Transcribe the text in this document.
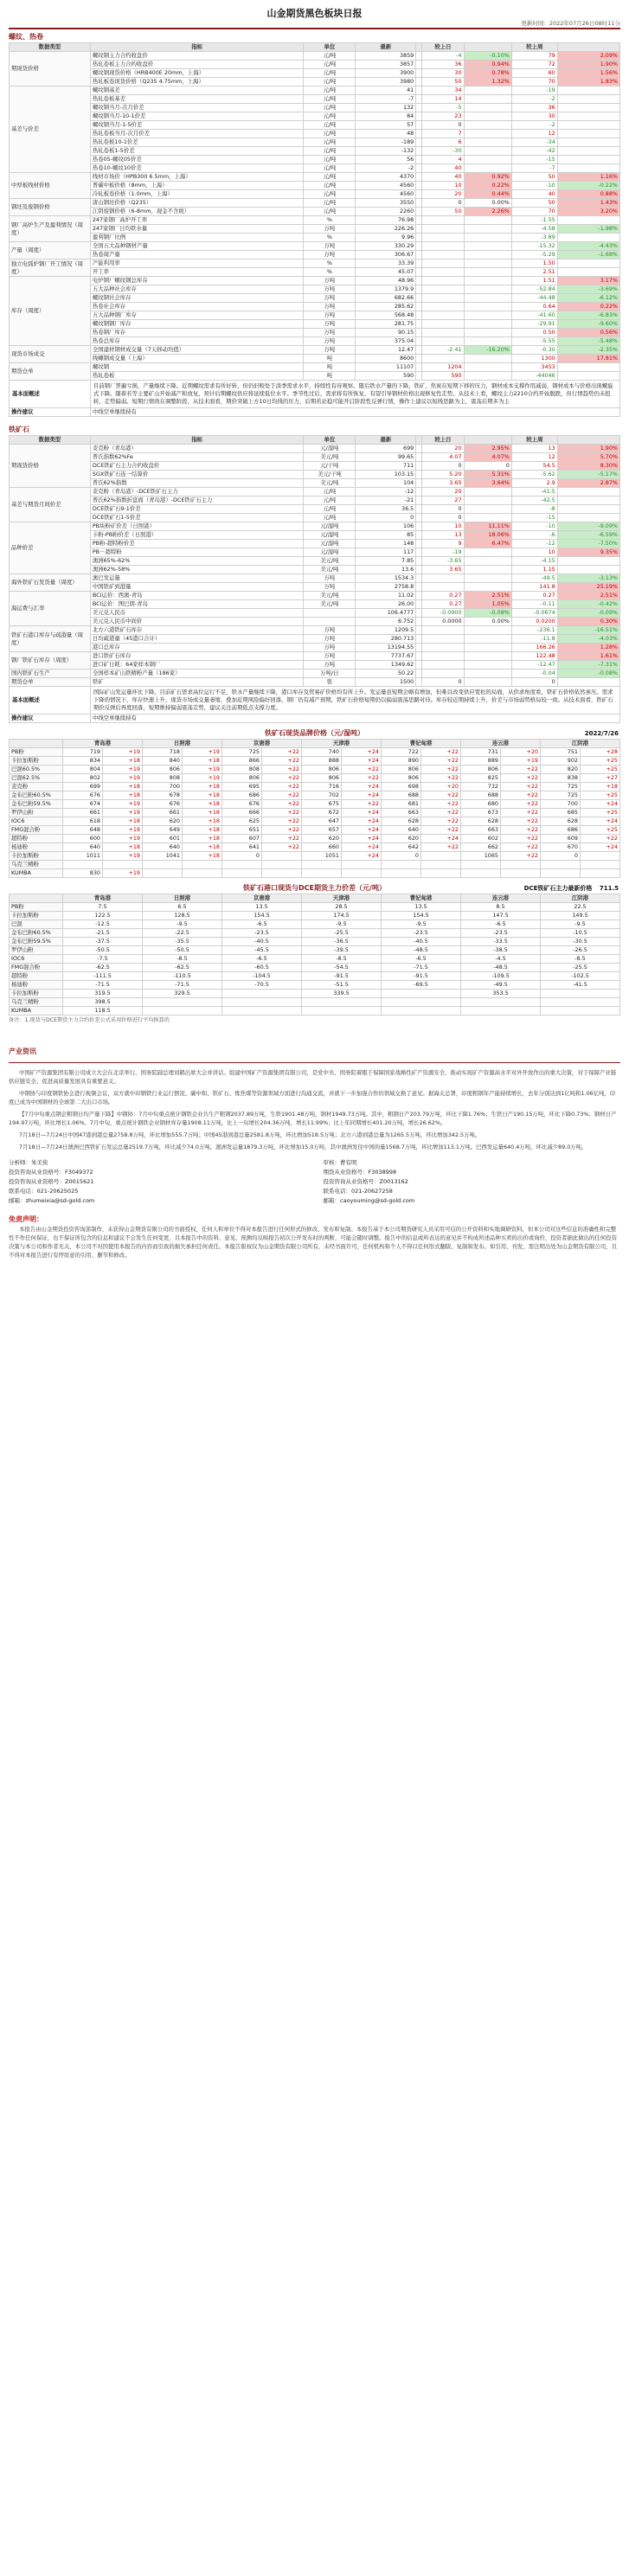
山金期货黑色板块日报
更新时间：2022年07月26日08时11分
螺纹、热卷
数据类型	指标	单位	最新		较上日		较上周	
期现货价格	螺纹钢主力合约收盘价	元/吨	3859		-4	-0.10%	79	2.09%
	热轧卷板主力合约收盘价	元/吨	3857		36	0.94%	72	1.90%
	螺纹钢现货价格（HRB400E 20mm，上海）	元/吨	3900		30	0.78%	60	1.56%
	热轧板卷现货价格（Q235 4.75mm，上海）	元/吨	3980		50	1.32%	70	1.83%
基差与价差	螺纹钢基差	元/吨	41		34		-19	
	热轧卷板基差	元/吨	-7		14		-2	
	螺纹钢当月-次月价差	元/吨	132		-5		36	
	螺纹钢当月-10-1价差	元/吨	84		23		30	
	螺纹钢当月-1-5价差	元/吨	57		0		-2	
	热轧卷板当月-次月价差	元/吨	48		7		12	
	热轧卷板10-1价差	元/吨	-189		6		-34	
	热轧卷板1-5价差	元/吨	-132		-30		-42	
	热卷05-螺纹05价差	元/吨	56		4		-15	
	热卷10-螺纹10价差	元/吨	-2		40		-7	
中厚板线材价格	线材市场价（HPB300 6.5mm，上海）	元/吨	4370		40	0.92%	50	1.16%
	普碳中板价格（8mm，上海）	元/吨	4560		10	0.22%	-10	-0.22%
	冷轧板卷价格（1.0mm，上海）	元/吨	4560		20	0.44%	40	0.88%
钢坯及废钢价格	唐山钢坯价格（Q235）	元/吨	3550		0	0.00%	50	1.43%
	江阴废钢价格（6-8mm，现金不含税）	元/吨	2260		50	2.26%	70	3.20%
钢厂高炉生产及盈利情况（周度）	247家钢厂高炉开工率	%	76.98				-1.55	
	247家钢厂日均铁水量	万吨	226.26				-4.58	-1.98%
	盈利钢厂比例	%	9.96				-3.89	
产量（周度）	全国五大品种钢材产量	万吨	330.29				-15.32	-4.43%
	热卷周产量	万吨	306.67				-5.29	-1.68%
独立电弧炉钢厂开工情况（周度）	产能利用率	%	33.39				1.50	
	开工率	%	45.07				2.51	
库存（周度）	电炉钢厂螺纹钢总库存	万吨	48.96				1.51	3.17%
	五大品种社会库存	万吨	1379.9				-52.84	-3.69%
	螺纹钢社会库存	万吨	682.66				-44.48	-6.12%
	热卷社会库存	万吨	285.62				0.64	0.22%
	五大品种钢厂库存	万吨	568.48				-41.60	-6.83%
	螺纹钢钢厂库存	万吨	281.75				-29.91	-9.60%
	热卷钢厂库存	万吨	90.15				0.50	0.56%
	热卷总库存	万吨	375.04				-5.55	-5.48%
现货市场成交	全国建材钢材成交量（7天移动均值）	万吨	12.47		-2.41	-16.20%	-0.30	-2.35%
	线螺钢成交量（上海）	吨	8600				1300	17.81%
期货仓单	螺纹钢	吨	11107		1204		3453	
	热轧卷板	吨	590		590		-44046	
基本面概述	目前钢厂普遍亏损，产量继续下降。近期螺纹需求有所好转，但仍旧較处于淡季需求水平，持续性有待观察。随后铁水产量的下降，铁矿，焦炭在短期下移的压力，钢材成本支撑作用减弱，钢材成本与价格出现螺旋式下降。随着若等主要矿山开始减产和放复，预计后期螺纹供应将延续低位水平。季节性过后，需求将有所恢复，有望引导钢材价格出现修复性走势。从技术上看，螺纹主力2210合约开始脱跌，但行情趋势仍未扭转，走势偏弱。短期行情尚在调整阶段，从技术面看，期价突破上方10日均线的压力，后期若站稳可能开启阶段性反弹行情，操作上建议以短线思路为主，震荡后期多为主							
操作建议	中线空单继续持有							
铁矿石
数据类型	指标	单位	最新		较上日		较上周	
期现货价格	麦克粉（青岛港）	元/湿吨	699		20	2.95%	13	1.90%
	普氏指数62%Fe	美元/吨	99.65		4.07	4.07%	12	5.70%
	DCE铁矿石主力合约收盘价	元/干吨	711		0	0	54.5	8.30%
	SGX铁矿石连一结算价	美元/干吨	103.15		5.20	5.31%	-5.62	-5.17%
	普氏62%指数	美元/吨	104		3.65	3.64%	2.9	2.87%
基差与期货月间价差	麦克粉（青岛港）-DCE铁矿石主力	元/吨	-12		20		-41.5	
	普氏62%指数折盘面（青岛港）-DCE铁矿石主力	元/吨	-21		27		-42.5	
	DCE铁矿石9-1价差	元/吨	36.5		0		-8	
	DCE铁矿石1-5价差	元/吨	0		0		-15	
品种价差	PB块粉矿价差（日照港）	元/湿吨	106		10	11.11%	-10	-9.09%
	卡粉-PB粉价差（日照港）	元/湿吨	85		13	18.06%	-6	-6.59%
	PB粉-超特粉价差	元/湿吨	148		9	6.47%	-12	-7.50%
	PB－超特粉	元/湿吨	117		-19		10	9.35%
	澳洲65%-62%	美元/吨	7.85		-3.65		-4.15	
	澳洲62%-58%	美元/吨	13.6		3.65		1.15	
海外铁矿石发货量（周度）	澳巴发运量	万吨	1534.3				-49.5	-3.13%
	中国铁矿到港量	万吨	2758.8				141.8	25.19%
海运费与汇率	BCI运价：西澳-青岛	美元/吨	11.02		0.27	2.51%	0.27	2.51%
	BCI运价：图巴朗-青岛	美元/吨	26.00		0.27	1.05%	-0.11	-0.42%
	美元兑人民币		106.4777		-0.0900	-0.08%	-0.0674	-0.09%
	美元兑人民币中间价		6.752		0.0000	0.00%	0.0200	0.30%
铁矿石港口库存与疏港量（周度）	北方六港铁矿石库存	万吨	1209.5				-236.1	-16.51%
	日均疏港量（45港口合计）	万吨	280.713				-11.8	-4.03%
	港口总库存	万吨	13194.55				166.26	1.28%
钢厂铁矿石库存（周度）	进口铁矿石库存	万吨	7737.67				122.48	1.61%
	进口矿日耗：64家样本钢厂	万吨	1349.62				-12.47	-7.31%
国内铁矿石生产	全国样本矿山铁精粉产量（186家）	万吨/日	50.22				-0.04	-0.08%
期货仓单	铁矿	张	1500		0		0	
基本面概述	国际矿山发运量环比下降，目前矿石需求高位运行不足，铁水产量继续下降，港口库存及贸易矿价格均有所上升。发运量虽短期会略有增加，但难以改变供应宽松的局面，从供求角度看，铁矿石价格依然承压。需求下降的情况下，库存快速上升，现货市场成交量萎缩，叠加近期风险偏好回落，钢厂仍有减产预期，铁矿石价格短期仍以偏弱震荡思路对待。库存较近期持续上升，价差与市场弱势格局较一致。从技术面看，铁矿石期价反弹后再度回落，短期维持偏弱震荡走势，建议关注前期低点支撑力度。							
操作建议	中线空单继续持有							
铁矿石现货品牌价格（元/湿吨）	2022/7/26
	青岛港		日照港		京唐港		天津港		曹妃甸港		连云港		江阴港	
PB粉	719	+19	718	+19	725	+22	740	+24	722	+22	731	+20	751	+28
卡拉加斯粉	834	+18	840	+18	866	+22	888	+24	890	+22	889	+19	902	+25
巴混60.5%	804	+19	806	+19	808	+22	806	+22	806	+22	806	+22	820	+25
巴混62.5%	802	+19	808	+19	806	+22	806	+22	806	+22	825	+22	838	+27
麦克粉	699	+18	700	+18	695	+22	716	+24	698	+20	732	+22	725	+18
金布巴粉60.5%	676	+18	678	+18	686	+22	702	+24	688	+22	688	+22	725	+25
金布巴粉59.5%	674	+19	676	+18	676	+22	675	+22	681	+22	680	+22	700	+24
罗伊山粉	661	+19	661	+18	666	+22	672	+24	663	+22	673	+22	685	+25
IOC6	618	+18	620	+18	625	+22	647	+24	628	+22	628	+22	628	+24
FMG混合粉	648	+19	649	+18	651	+22	657	+24	640	+22	663	+22	686	+25
超特粉	600	+19	601	+18	607	+22	620	+24	620	+24	602	+22	609	+22
杨迪粉	640	+18	640	+18	641	+22	660	+24	642	+22	662	+22	670	+24
卡拉加斯粉	1011	+19	1041	+18	0		1051	+24	0		1065	+22	0	
乌克兰精粉														
KUMBA	830	+19												
铁矿石港口现货与DCE期货主力价差（元/吨）	DCE铁矿石主力最新价格 711.5
	青岛港	日照港	京唐港	天津港	曹妃甸港	连云港	江阴港
PB粉	7.5	6.5	13.5	28.5	13.5	8.5	22.5
卡拉加斯粉	122.5	128.5	154.5	174.5	154.5	147.5	149.5
巴混	-12.5	-9.5	-6.5	-9.5	-9.5	-6.5	-9.5
金布巴粉60.5%	-21.5	-22.5	-23.5	-25.5	-23.5	-23.5	-10.5
金布巴粉59.5%	-37.5	-35.5	-40.5	-36.5	-40.5	-33.5	-30.5
罗伊山粉	-50.5	-50.5	-45.5	-39.5	-48.5	-38.5	-26.5
IOC6	-7.5	-8.5	-6.5	-8.5	-6.5	-4.5	-8.5
FMG混合粉	-62.5	-62.5	-60.5	-54.5	-71.5	-48.5	-25.5
超特粉	-111.5	-110.5	-104.5	-91.5	-91.5	-109.5	-102.5
杨迪粉	-71.5	-71.5	-70.5	-51.5	-69.5	-49.5	-41.5
卡拉加斯粉	319.5	329.5		339.5		353.5	
乌克兰精粉	398.5						
KUMBA	118.5						
备注：1.现货与DCE期货主力合约价差公式采用价格进行平均换算的
产业资讯
中国矿产资源集团有限公司成立大会在北京举行。国务院副总理刘鹤出席大会并讲话。组建中国矿产资源集团有限公司，是党中央、国务院着眼于保障国家战略性矿产资源安全，推动实现矿产资源高水平对外开放作出的重大决策，对于保障产业链供应链安全、促进高质量发展具有重要意义。
中钢协与印度钢铁协会进行视频会议，双方就中印钢铁行业运行情况、碳中和、铁矿石、炼焦煤等资源领域方面进行沟通交流，并就下一步加强合作的领域交换了意见。据海关总署，印度粗钢年产能持续增长，去年分别达到1亿吨和1.06亿吨，印度已成为中国钢材的全球第二大出口市场。
【7月中旬重点钢企粗钢日均产量下降】中钢协：7月中旬重点统计钢铁企业共生产粗钢2037.89万吨，生铁1901.48万吨，钢材1949.73万吨。其中，粗钢日产203.79万吨，环比下降1.76%；生铁日产190.15万吨，环比下降0.73%；钢材日产194.97万吨，环比增长1.06%。7月中旬，重点统计钢铁企业钢材库存量1908.11万吨，比上一旬增长204.36万吨，增长11.99%；比上年同期增长401.20万吨，增长26.62%。
7月18日—7月24日中国47港到港总量2758.8万吨，环比增加555.7万吨；中国45港到港总量2581.8万吨，环比增加518.5万吨；北方六港到港总量为1265.5万吨，环比增加342.5万吨。
7月18日—7月24日澳洲巴西铁矿石发运总量2519.7万吨，环比减少74.0万吨。澳洲发运量1879.3万吨，环比增加15.0万吨，其中澳洲发往中国的量1568.7万吨，环比增加113.1万吨。巴西发运量640.4万吨，环比减少89.0万吨。
分析师：朱美侠	审核：曹有明
投资咨询从业资格号：F3049372	期货从业资格号：F3038998
投资咨询从业资格号：Z0015621	投资咨询从业资格号：Z0013162
联系电话：021-20625025	联系电话：021-20627258
邮箱：zhumeixia@sd-gold.com	邮箱：caoyouming@sd-gold.com
免责声明：
本报告由山金期货投资咨询部制作，未获得山金期货有限公司的书面授权，任何人和单位不得对本报告进行任何形式的修改、发布和复制。本报告基于本公司期货研究人员采用可信的公开资料和实地调研资料，但本公司对这些信息的准确性和完整性不作任何保证，也不保证所包含的信息和建议不会发生任何变更，且本报告中的资料、意见、预测均反映报告初次公开发布时的判断，可能会随时调整。报告中的信息或所表达的意见并不构成所述品种买卖的出价或询价，投资者据此做出的任何投资决策与本公司和作者无关，本公司不对因使用本报告的内容而引致的损失承担任何责任。本报告版权仅为山金期货有限公司所有，未经书面许可，任何机构和个人不得以任何形式翻版、复制和发布。如引用、刊发，需注明出处为山金期货有限公司，且不得对本报告进行有悖原意的引用、删节和修改。
